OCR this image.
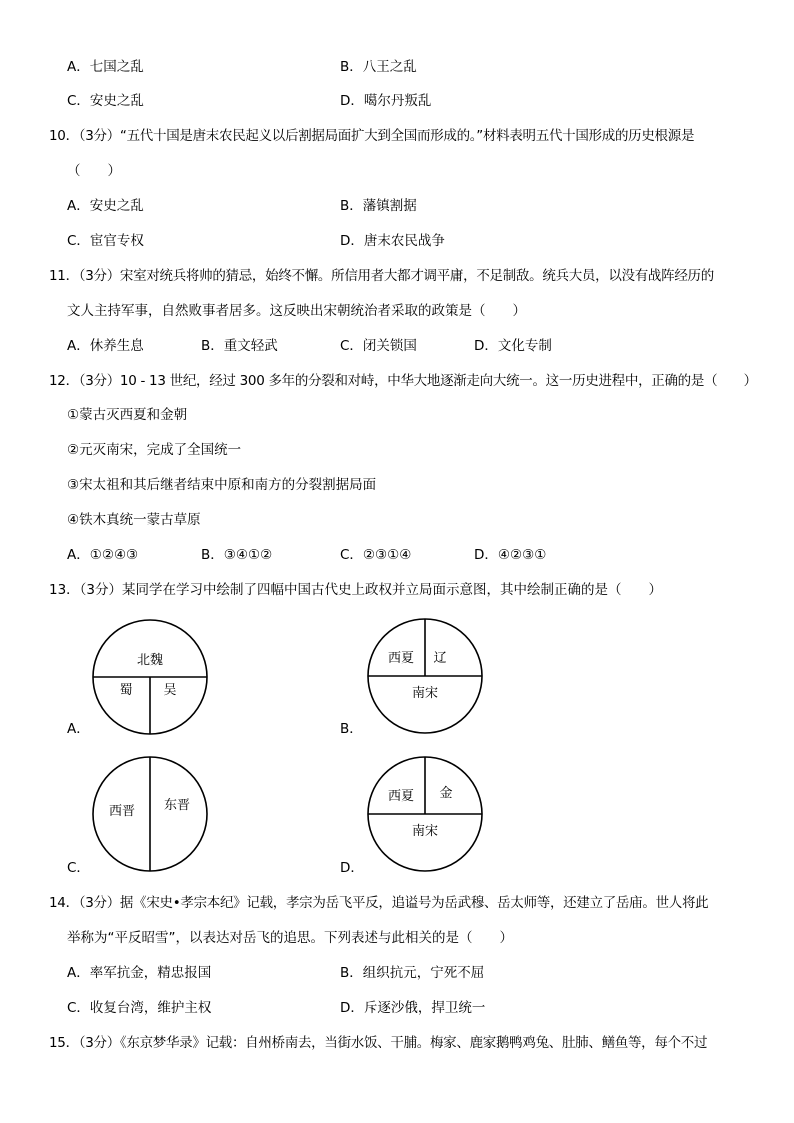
A．七国之乱	B．八王之乱
C．安史之乱	D．噶尔丹叛乱
10．（3分）“五代十国是唐末农民起义以后割据局面扩大到全国而形成的。”材料表明五代十国形成的历史根源是
（　　）
A．安史之乱	B．藩镇割据
C．宦官专权	D．唐末农民战争
11．（3分）宋室对统兵将帅的猜忌，始终不懈。所信用者大都才调平庸，不足制敌。统兵大员，以没有战阵经历的
文人主持军事，自然败事者居多。这反映出宋朝统治者采取的政策是（　　）
A．休养生息	B．重文轻武	C．闭关锁国	D．文化专制
12．（3分）10 - 13 世纪，经过 300 多年的分裂和对峙，中华大地逐渐走向大统一。这一历史进程中，正确的是（　　）
①蒙古灭西夏和金朝
②元灭南宋，完成了全国统一
③宋太祖和其后继者结束中原和南方的分裂割据局面
④铁木真统一蒙古草原
A．①②④③	B．③④①②	C．②③①④	D．④②③①
13．（3分）某同学在学习中绘制了四幅中国古代史上政权并立局面示意图，其中绘制正确的是（　　）
北魏
蜀 吴
A．
西夏 辽
南宋
B．
西晋 东晋
C．
西夏 金
南宋
D．
14．（3分）据《宋史•孝宗本纪》记载，孝宗为岳飞平反，追谥号为岳武穆、岳太师等，还建立了岳庙。世人将此
举称为“平反昭雪”，以表达对岳飞的追思。下列表述与此相关的是（　　）
A．率军抗金，精忠报国	B．组织抗元，宁死不屈
C．收复台湾，维护主权	D．斥逐沙俄，捍卫统一
15．（3分）《东京梦华录》记载：自州桥南去，当街水饭、干脯。梅家、鹿家鹅鸭鸡兔、肚肺、鳝鱼等，每个不过
